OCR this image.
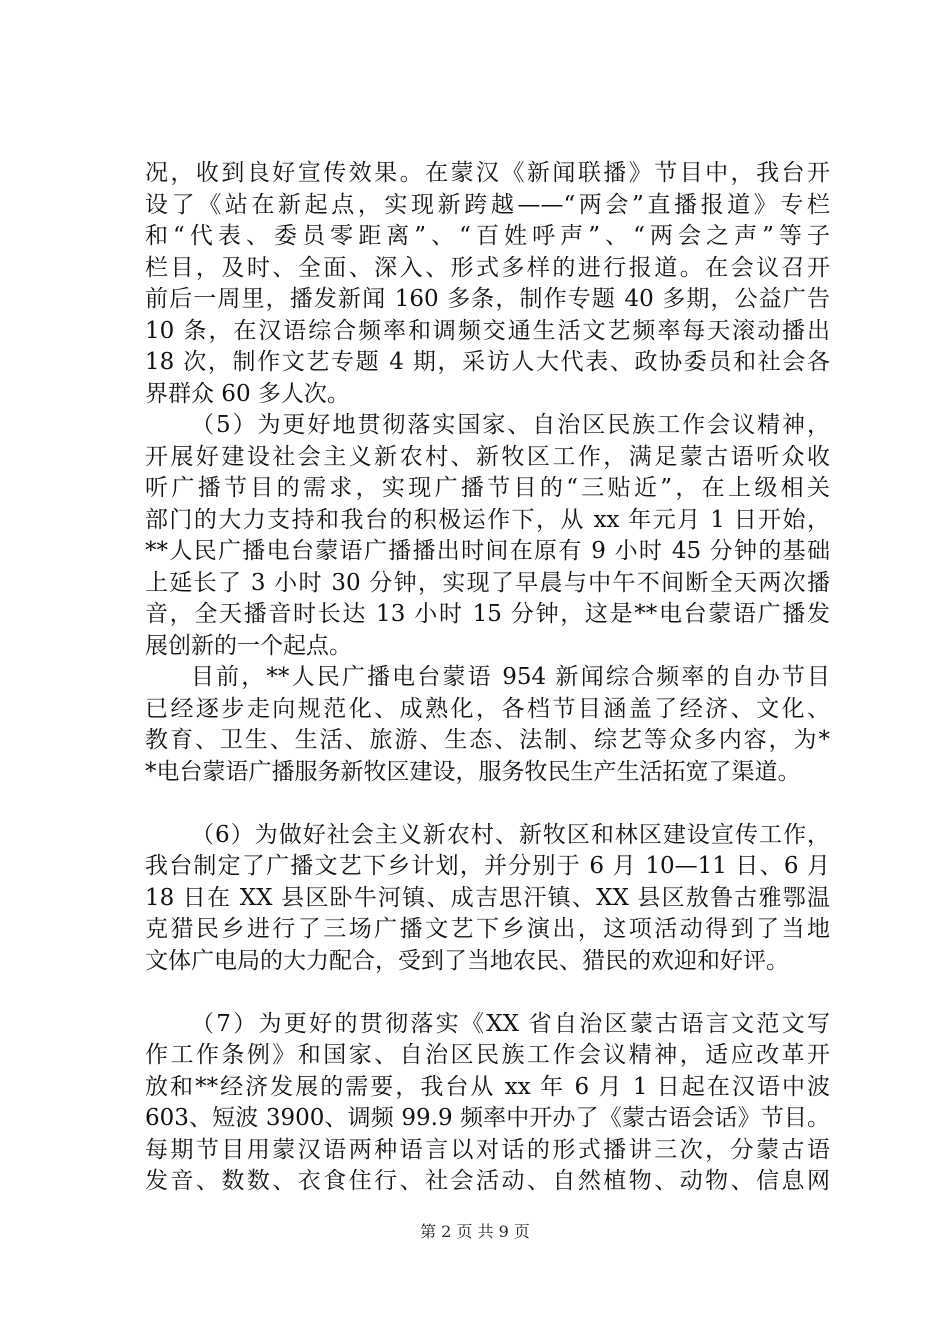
况，收到良好宣传效果。在蒙汉《新闻联播》节目中，我台开
设了《站在新起点，实现新跨越——“两会”直播报道》专栏
和“代表、委员零距离”、“百姓呼声”、“两会之声”等子
栏目，及时、全面、深入、形式多样的进行报道。在会议召开
前后一周里，播发新闻 160 多条，制作专题 40 多期，公益广告
10 条，在汉语综合频率和调频交通生活文艺频率每天滚动播出
18 次，制作文艺专题 4 期，采访人大代表、政协委员和社会各
界群众 60 多人次。
（5）为更好地贯彻落实国家、自治区民族工作会议精神，
开展好建设社会主义新农村、新牧区工作，满足蒙古语听众收
听广播节目的需求，实现广播节目的“三贴近”，在上级相关
部门的大力支持和我台的积极运作下，从 xx 年元月 1 日开始，
**人民广播电台蒙语广播播出时间在原有 9 小时 45 分钟的基础
上延长了 3 小时 30 分钟，实现了早晨与中午不间断全天两次播
音，全天播音时长达 13 小时 15 分钟，这是**电台蒙语广播发
展创新的一个起点。
目前，**人民广播电台蒙语 954 新闻综合频率的自办节目
已经逐步走向规范化、成熟化，各档节目涵盖了经济、文化、
教育、卫生、生活、旅游、生态、法制、综艺等众多内容，为*
*电台蒙语广播服务新牧区建设，服务牧民生产生活拓宽了渠道。
（6）为做好社会主义新农村、新牧区和林区建设宣传工作，
我台制定了广播文艺下乡计划，并分别于 6 月 10—11 日、6 月
18 日在 XX 县区卧牛河镇、成吉思汗镇、XX 县区敖鲁古雅鄂温
克猎民乡进行了三场广播文艺下乡演出，这项活动得到了当地
文体广电局的大力配合，受到了当地农民、猎民的欢迎和好评。
（7）为更好的贯彻落实《XX 省自治区蒙古语言文范文写
作工作条例》和国家、自治区民族工作会议精神，适应改革开
放和**经济发展的需要，我台从 xx 年 6 月 1 日起在汉语中波
603、短波 3900、调频 99.9 频率中开办了《蒙古语会话》节目。
每期节目用蒙汉语两种语言以对话的形式播讲三次，分蒙古语
发音、数数、衣食住行、社会活动、自然植物、动物、信息网
第 2 页 共 9 页
